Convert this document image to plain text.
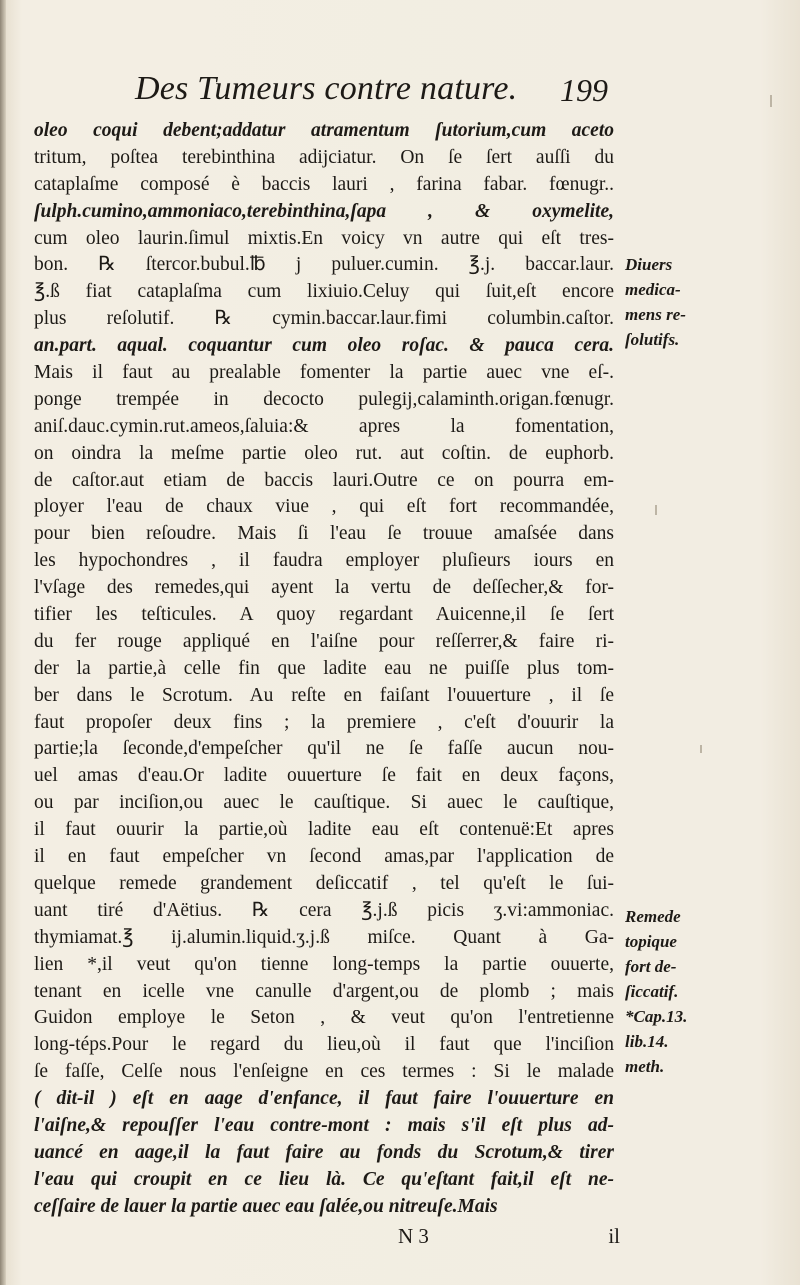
Des Tumeurs contre nature. 199
oleo coqui debent;addatur atramentum ſutorium,cum aceto
tritum, poſtea terebinthina adijciatur. On ſe ſert auſſi du
cataplaſme composé è baccis lauri , farina fabar. fœnugr..
ſulph.cumino,ammoniaco,terebinthina,ſapa , & oxymelite,
cum oleo laurin.ſimul mixtis.En voicy vn autre qui eſt tres-
bon. ℞ ſtercor.bubul.℔ j puluer.cumin. ℥.j. baccar.laur.
℥.ß fiat cataplaſma cum lixiuio.Celuy qui ſuit,eſt encore
plus reſolutif. ℞ cymin.baccar.laur.fimi columbin.caſtor.
an.part. aqual. coquantur cum oleo roſac. & pauca cera.
Mais il faut au prealable fomenter la partie auec vne eſ-.
ponge trempée in decocto pulegij,calaminth.origan.fœnugr.
aniſ.dauc.cymin.rut.ameos,ſaluia:& apres la fomentation,
on oindra la meſme partie oleo rut. aut coſtin. de euphorb.
de caſtor.aut etiam de baccis lauri.Outre ce on pourra em-
ployer l'eau de chaux viue , qui eſt fort recommandée,
pour bien reſoudre. Mais ſi l'eau ſe trouue amaſsée dans
les hypochondres , il faudra employer pluſieurs iours en
l'vſage des remedes,qui ayent la vertu de deſſecher,& for-
tifier les teſticules. A quoy regardant Auicenne,il ſe ſert
du fer rouge appliqué en l'aiſne pour reſſerrer,& faire ri-
der la partie,à celle fin que ladite eau ne puiſſe plus tom-
ber dans le Scrotum. Au reſte en faiſant l'ouuerture , il ſe
faut propoſer deux fins ; la premiere , c'eſt d'ouurir la
partie;la ſeconde,d'empeſcher qu'il ne ſe faſſe aucun nou-
uel amas d'eau.Or ladite ouuerture ſe fait en deux façons,
ou par inciſion,ou auec le cauſtique. Si auec le cauſtique,
il faut ouurir la partie,où ladite eau eſt contenuë:Et apres
il en faut empeſcher vn ſecond amas,par l'application de
quelque remede grandement deſiccatif , tel qu'eſt le ſui-
uant tiré d'Aëtius. ℞ cera ℥.j.ß picis ʒ.vi:ammoniac.
thymiamat.℥ ij.alumin.liquid.ʒ.j.ß miſce. Quant à Ga-
lien *,il veut qu'on tienne long-temps la partie ouuerte,
tenant en icelle vne canulle d'argent,ou de plomb ; mais
Guidon employe le Seton , & veut qu'on l'entretienne
long-téps.Pour le regard du lieu,où il faut que l'inciſion
ſe faſſe, Celſe nous l'enſeigne en ces termes : Si le malade
( dit-il ) eſt en aage d'enfance, il faut faire l'ouuerture en
l'aiſne,& repouſſer l'eau contre-mont : mais s'il eſt plus ad-
uancé en aage,il la faut faire au fonds du Scrotum,& tirer
l'eau qui croupit en ce lieu là. Ce qu'eſtant fait,il eſt ne-
ceſſaire de lauer la partie auec eau ſalée,ou nitreuſe.Mais
Diuers
medica-
mens re-
ſolutifs.
Remede
topique
fort de-
ſiccatif.
*Cap.13.
lib.14.
meth.
N 3	il
